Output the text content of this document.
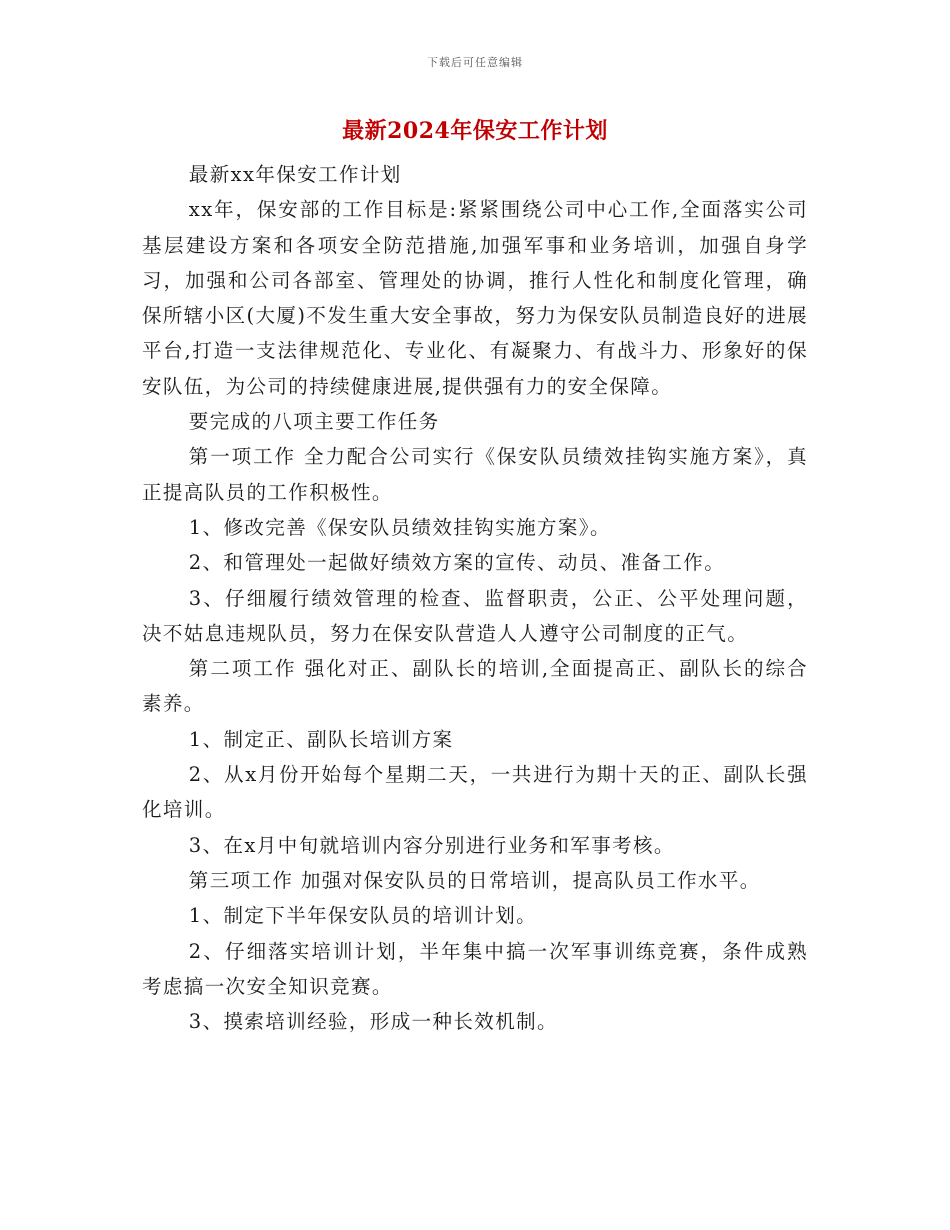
下载后可任意编辑
最新2024年保安工作计划

最新xx年保安工作计划

xx年，保安部的工作目标是:紧紧围绕公司中心工作,全面落实公司基层建设方案和各项安全防范措施,加强军事和业务培训，加强自身学习，加强和公司各部室、管理处的协调，推行人性化和制度化管理，确保所辖小区(大厦)不发生重大安全事故，努力为保安队员制造良好的进展平台,打造一支法律规范化、专业化、有凝聚力、有战斗力、形象好的保安队伍，为公司的持续健康进展,提供强有力的安全保障。

要完成的八项主要工作任务

第一项工作 全力配合公司实行《保安队员绩效挂钩实施方案》，真正提高队员的工作积极性。

1、修改完善《保安队员绩效挂钩实施方案》。

2、和管理处一起做好绩效方案的宣传、动员、准备工作。

3、仔细履行绩效管理的检查、监督职责，公正、公平处理问题，决不姑息违规队员，努力在保安队营造人人遵守公司制度的正气。

第二项工作 强化对正、副队长的培训,全面提高正、副队长的综合素养。

1、制定正、副队长培训方案

2、从x月份开始每个星期二天，一共进行为期十天的正、副队长强化培训。

3、在x月中旬就培训内容分别进行业务和军事考核。

第三项工作 加强对保安队员的日常培训，提高队员工作水平。

1、制定下半年保安队员的培训计划。

2、仔细落实培训计划，半年集中搞一次军事训练竞赛，条件成熟考虑搞一次安全知识竞赛。

3、摸索培训经验，形成一种长效机制。
